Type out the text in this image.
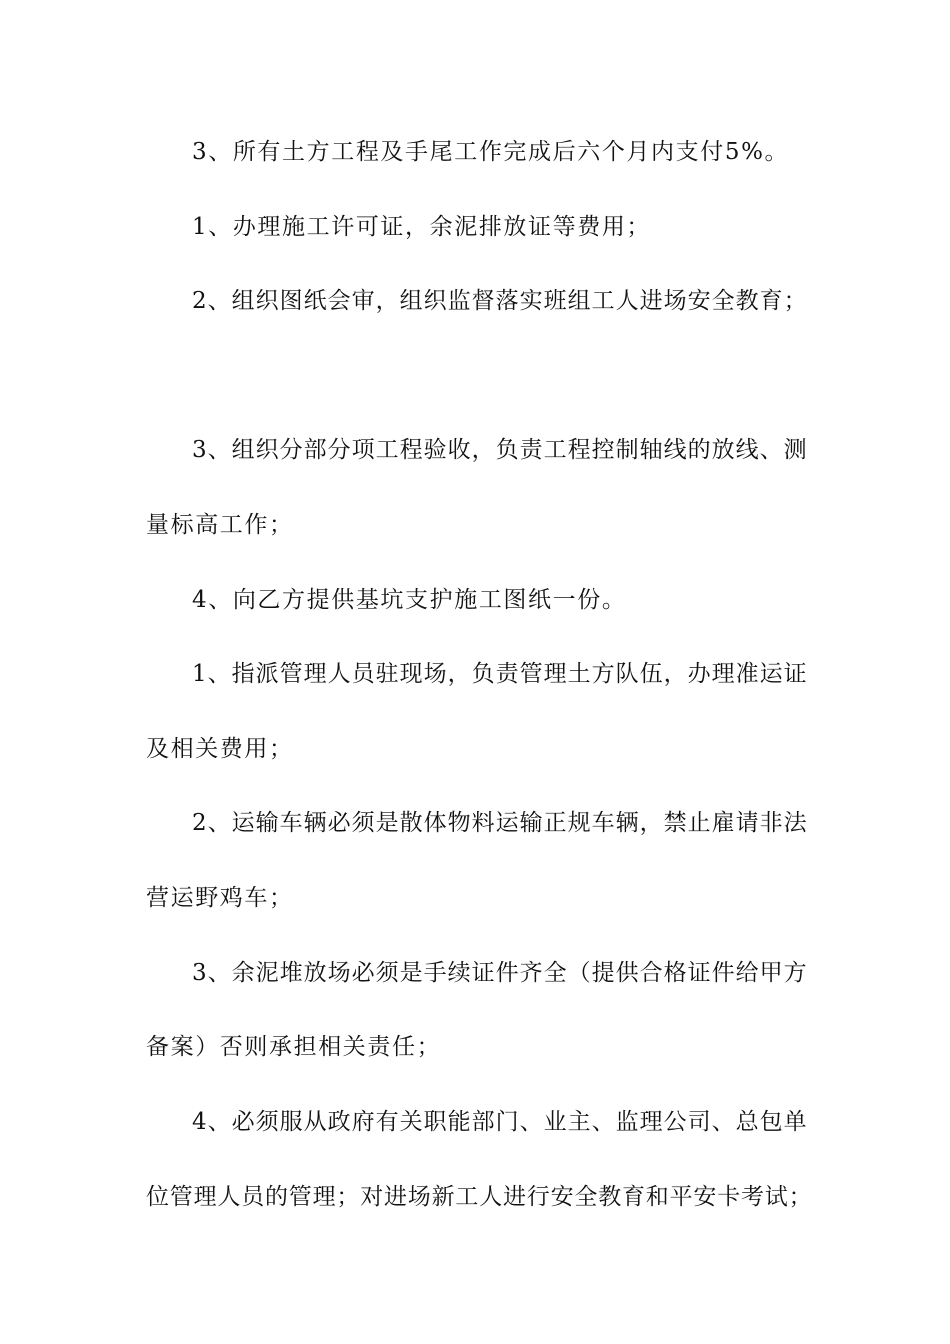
3、所有土方工程及手尾工作完成后六个月内支付5%。
1、办理施工许可证，余泥排放证等费用；
2、组织图纸会审，组织监督落实班组工人进场安全教育；
3、组织分部分项工程验收，负责工程控制轴线的放线、测
量标高工作；
4、向乙方提供基坑支护施工图纸一份。
1、指派管理人员驻现场，负责管理土方队伍，办理准运证
及相关费用；
2、运输车辆必须是散体物料运输正规车辆，禁止雇请非法
营运野鸡车；
3、余泥堆放场必须是手续证件齐全（提供合格证件给甲方
备案）否则承担相关责任；
4、必须服从政府有关职能部门、业主、监理公司、总包单
位管理人员的管理；对进场新工人进行安全教育和平安卡考试；
